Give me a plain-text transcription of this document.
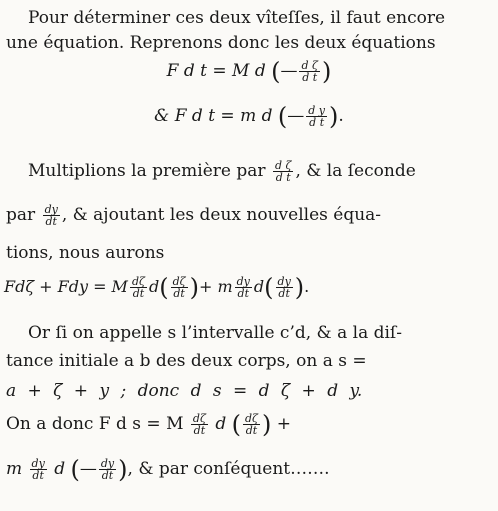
Pour déterminer ces deux vîteſſes, il faut encore
une équation. Reprenons donc les deux équations
F d t = M d (— $\frac{\text{d ζ}}{\text{d t}}$ )
& F d t = m d (— $\frac{\text{d y}}{\text{d t}}$ ).
Multiplions la première par $\frac{\text{d ζ}}{\text{d t}}$ , & la ſeconde
par $\frac{dy}{dt}$ , & ajoutant les deux nouvelles équa-
tions, nous aurons
Fdζ + Fdy = M $\frac{d\zeta}{dt} d( \frac{d\zeta}{dt}$ )+ m $\frac{dy}{dt} d( \frac{dy}{dt}$ ).
Or ſi on appelle s l’intervalle c’d, & a la diſ-
tance initiale a b des deux corps, on a s =
a + ζ + y ; donc d s = d ζ + d y.
On a donc F d s = M $\frac{d\zeta}{dt}$ d ( $\frac{d\zeta}{dt}$ ) +
m $\frac{dy}{dt}$ d (— $\frac{dy}{dt}$ ), & par conſéquent…….
